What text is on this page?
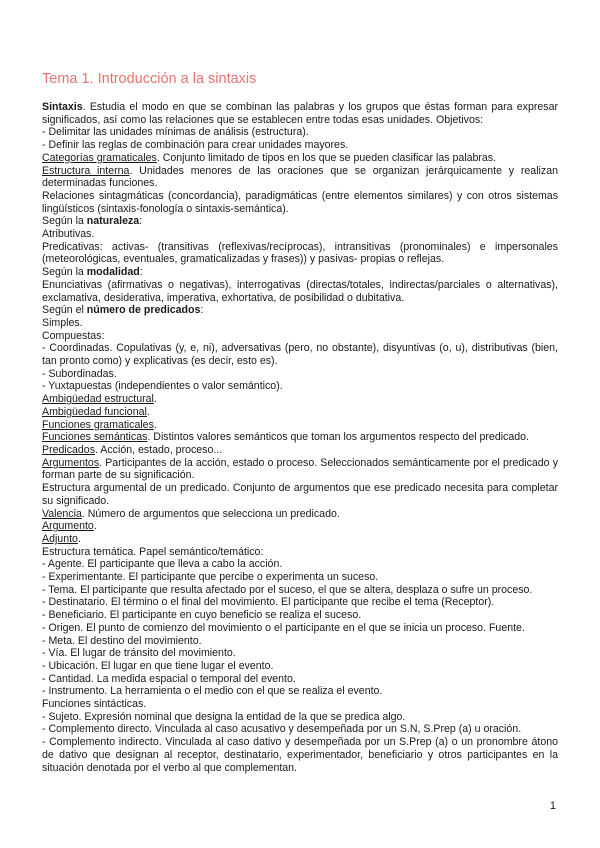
Tema 1. Introducción a la sintaxis
Sintaxis. Estudia el modo en que se combinan las palabras y los grupos que éstas forman para expresar significados, así como las relaciones que se establecen entre todas esas unidades. Objetivos:
- Delimitar las unidades mínimas de análisis (estructura).
- Definir las reglas de combinación para crear unidades mayores.
Categorías gramaticales. Conjunto limitado de tipos en los que se pueden clasificar las palabras.
Estructura interna. Unidades menores de las oraciones que se organizan jerárquicamente y realizan determinadas funciones.
Relaciones sintagmáticas (concordancia), paradigmáticas (entre elementos similares) y con otros sistemas lingüísticos (sintaxis-fonología o sintaxis-semántica).
Según la naturaleza:
Atributivas.
Predicativas: activas- (transitivas (reflexivas/recíprocas), intransitivas (pronominales) e impersonales (meteorológicas, eventuales, gramaticalizadas y frases)) y pasivas- propias o reflejas.
Según la modalidad:
Enunciativas (afirmativas o negativas), interrogativas (directas/totales, indirectas/parciales o alternativas), exclamativa, desiderativa, imperativa, exhortativa, de posibilidad o dubitativa.
Según el número de predicados:
Simples.
Compuestas:
- Coordinadas. Copulativas (y, e, ni), adversativas (pero, no obstante), disyuntivas (o, u), distributivas (bien, tan pronto como) y explicativas (es decir, esto es).
- Subordinadas.
- Yuxtapuestas (independientes o valor semántico).
Ambigüedad estructural.
Ambigüedad funcional.
Funciones gramaticales.
Funciones semánticas. Distintos valores semánticos que toman los argumentos respecto del predicado.
Predicados. Acción, estado, proceso...
Argumentos. Participantes de la acción, estado o proceso. Seleccionados semánticamente por el predicado y forman parte de su significación.
Estructura argumental de un predicado. Conjunto de argumentos que ese predicado necesita para completar su significado.
Valencia. Número de argumentos que selecciona un predicado.
Argumento.
Adjunto.
Estructura temática. Papel semántico/temático:
- Agente. El participante que lleva a cabo la acción.
- Experimentante. El participante que percibe o experimenta un suceso.
- Tema. El participante que resulta afectado por el suceso, el que se altera, desplaza o sufre un proceso.
- Destinatario. El término o el final del movimiento. El participante que recibe el tema (Receptor).
- Beneficiario. El participante en cuyo beneficio se realiza el suceso.
- Origen. El punto de comienzo del movimiento o el participante en el que se inicia un proceso. Fuente.
- Meta. El destino del movimiento.
- Vía. El lugar de tránsito del movimiento.
- Ubicación. El lugar en que tiene lugar el evento.
- Cantidad. La medida espacial o temporal del evento.
- Instrumento. La herramienta o el medio con el que se realiza el evento.
Funciones sintácticas.
- Sujeto. Expresión nominal que designa la entidad de la que se predica algo.
- Complemento directo. Vinculada al caso acusativo y desempeñada por un S.N, S.Prep (a) u oración.
- Complemento indirecto. Vinculada al caso dativo y desempeñada por un S.Prep (a) o un pronombre átono de dativo que designan al receptor, destinatario, experimentador, beneficiario y otros participantes en la situación denotada por el verbo al que complementan.
1
